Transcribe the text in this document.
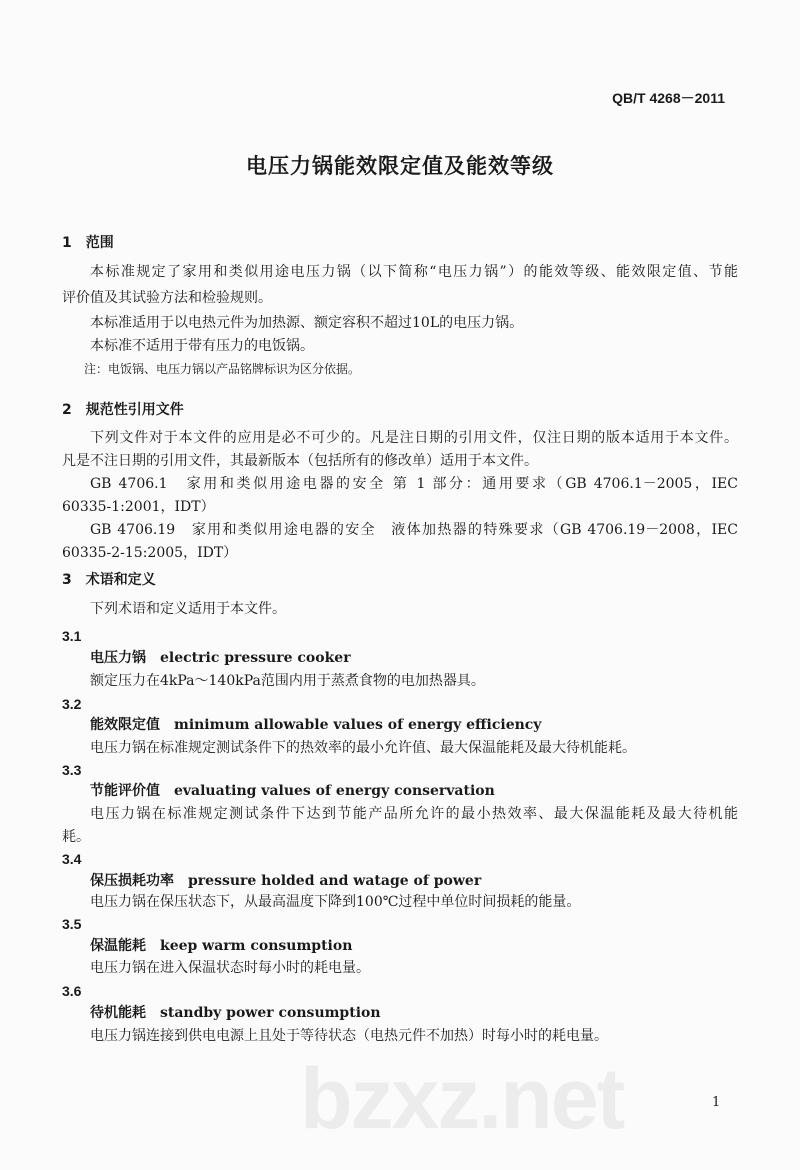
QB/T 4268－2011
电压力锅能效限定值及能效等级
1　范围
本标准规定了家用和类似用途电压力锅（以下简称“电压力锅”）的能效等级、能效限定值、节能
评价值及其试验方法和检验规则。
本标准适用于以电热元件为加热源、额定容积不超过10L的电压力锅。
本标准不适用于带有压力的电饭锅。
注：电饭锅、电压力锅以产品铭牌标识为区分依据。
2　规范性引用文件
下列文件对于本文件的应用是必不可少的。凡是注日期的引用文件，仅注日期的版本适用于本文件。
凡是不注日期的引用文件，其最新版本（包括所有的修改单）适用于本文件。
GB 4706.1　家用和类似用途电器的安全 第 1 部分：通用要求（GB 4706.1－2005，IEC
60335-1:2001，IDT）
GB 4706.19　家用和类似用途电器的安全　液体加热器的特殊要求（GB 4706.19－2008，IEC
60335-2-15:2005，IDT）
3　术语和定义
下列术语和定义适用于本文件。
3.1
电压力锅　electric pressure cooker
额定压力在4kPa～140kPa范围内用于蒸煮食物的电加热器具。
3.2
能效限定值　minimum allowable values of energy efficiency
电压力锅在标准规定测试条件下的热效率的最小允许值、最大保温能耗及最大待机能耗。
3.3
节能评价值　evaluating values of energy conservation
电压力锅在标准规定测试条件下达到节能产品所允许的最小热效率、最大保温能耗及最大待机能
耗。
3.4
保压损耗功率　pressure holded and watage of power
电压力锅在保压状态下，从最高温度下降到100℃过程中单位时间损耗的能量。
3.5
保温能耗　keep warm consumption
电压力锅在进入保温状态时每小时的耗电量。
3.6
待机能耗　standby power consumption
电压力锅连接到供电电源上且处于等待状态（电热元件不加热）时每小时的耗电量。
bzxz.net	1
